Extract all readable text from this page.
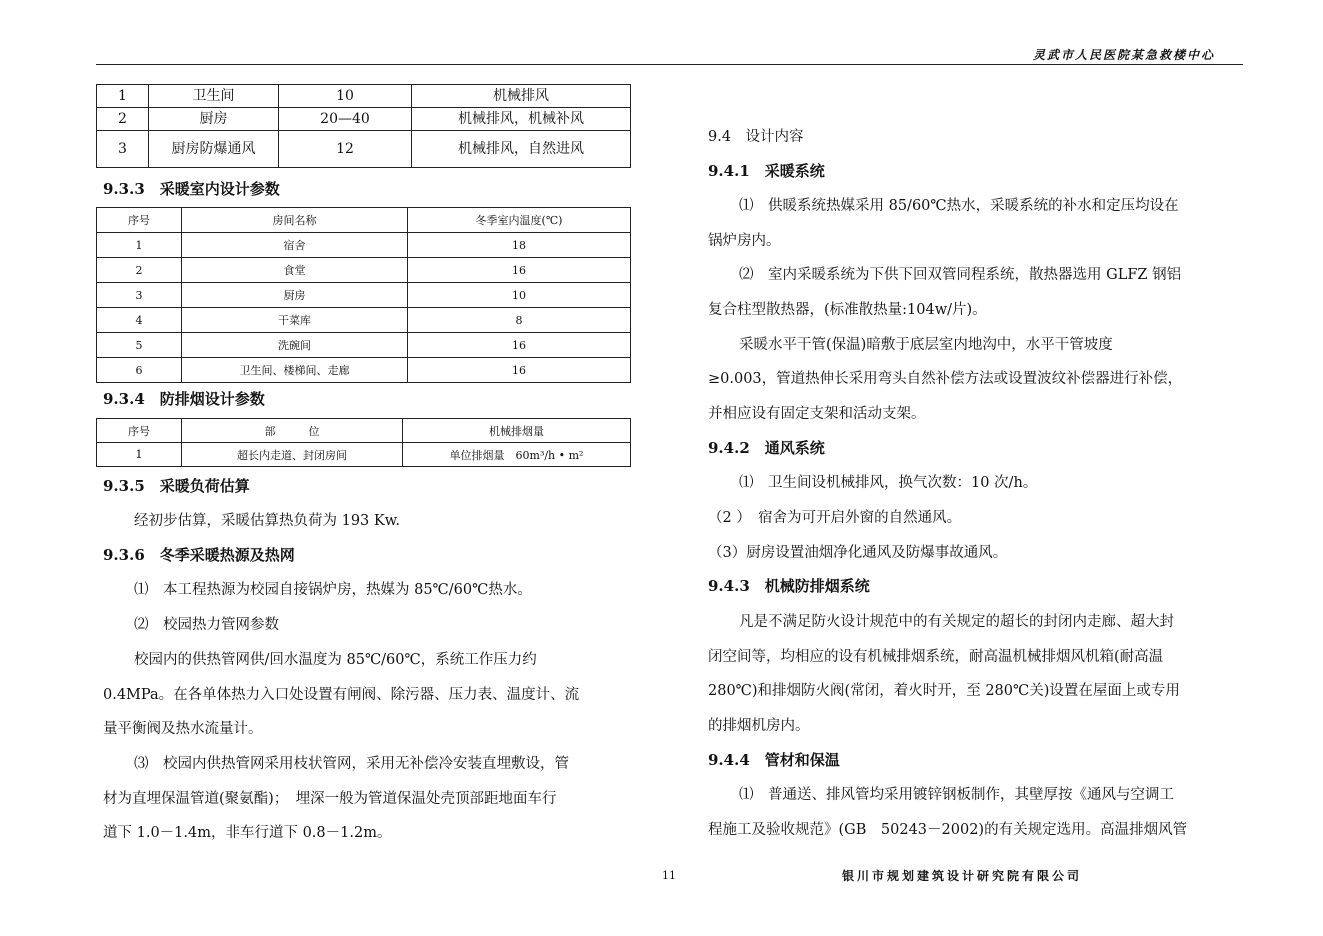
灵武市人民医院某急救楼中心
1	卫生间	10	机械排风
2	厨房	20—40	机械排风，机械补风
3	厨房防爆通风	12	机械排风，自然进风
9.3.3　采暖室内设计参数
序号	房间名称	冬季室内温度(℃)
1	宿舍	18
2	食堂	16
3	厨房	10
4	干菜库	8
5	洗碗间	16
6	卫生间、楼梯间、走廊	16
9.3.4　防排烟设计参数
序号	部　　　位	机械排烟量
1	超长内走道、封闭房间	单位排烟量　60m³/h • m²
9.3.5　采暖负荷估算
经初步估算，采暖估算热负荷为 193 Kw.
9.3.6　冬季采暖热源及热网
⑴　本工程热源为校园自接锅炉房，热媒为 85℃/60℃热水。
⑵　校园热力管网参数
校园内的供热管网供/回水温度为 85℃/60℃，系统工作压力约
0.4MPa。在各单体热力入口处设置有闸阀、除污器、压力表、温度计、流
量平衡阀及热水流量计。
⑶　校园内供热管网采用枝状管网，采用无补偿冷安装直埋敷设，管
材为直埋保温管道(聚氨酯)；　埋深一般为管道保温处壳顶部距地面车行
道下 1.0－1.4m，非车行道下 0.8－1.2m。
9.4　设计内容
9.4.1　采暖系统
⑴　供暖系统热媒采用 85/60℃热水，采暖系统的补水和定压均设在
锅炉房内。
⑵　室内采暖系统为下供下回双管同程系统，散热器选用 GLFZ 钢铝
复合柱型散热器，(标准散热量:104w/片)。
采暖水平干管(保温)暗敷于底层室内地沟中，水平干管坡度
≥0.003，管道热伸长采用弯头自然补偿方法或设置波纹补偿器进行补偿，
并相应设有固定支架和活动支架。
9.4.2　通风系统
⑴　卫生间设机械排风，换气次数：10 次/h。
（2 ）　宿舍为可开启外窗的自然通风。
（3）厨房设置油烟净化通风及防爆事故通风。
9.4.3　机械防排烟系统
凡是不满足防火设计规范中的有关规定的超长的封闭内走廊、超大封
闭空间等，均相应的设有机械排烟系统，耐高温机械排烟风机箱(耐高温
280℃)和排烟防火阀(常闭，着火时开，至 280℃关)设置在屋面上或专用
的排烟机房内。
9.4.4　管材和保温
⑴　普通送、排风管均采用镀锌钢板制作，其壁厚按《通风与空调工
程施工及验收规范》(GB　50243－2002)的有关规定选用。高温排烟风管
11	银川市规划建筑设计研究院有限公司
